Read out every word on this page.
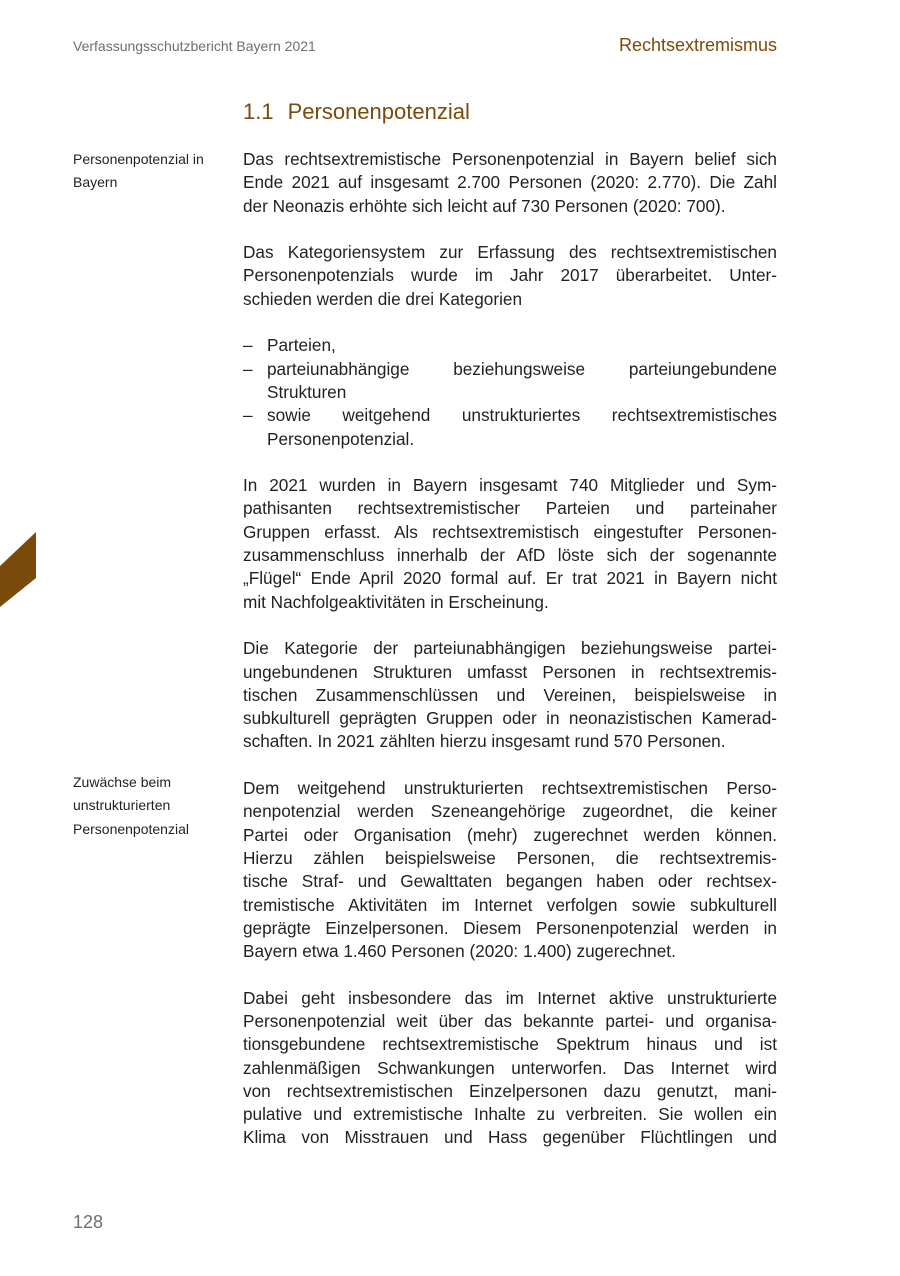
Verfassungsschutzbericht Bayern 2021	Rechtsextremismus
1.1 Personenpotenzial
Personenpotenzial in
Bayern
Zuwächse beim
unstrukturierten
Personenpotenzial
Das rechtsextremistische Personenpotenzial in Bayern belief sich
Ende 2021 auf insgesamt 2.700 Personen (2020: 2.770). Die Zahl
der Neonazis erhöhte sich leicht auf 730 Personen (2020: 700).
Das Kategoriensystem zur Erfassung des rechtsextremistischen
Personenpotenzials wurde im Jahr 2017 überarbeitet. Unter-
schieden werden die drei Kategorien
– Parteien,
– parteiunabhängige beziehungsweise parteiungebundene
Strukturen
– sowie weitgehend unstrukturiertes rechtsextremistisches
Personenpotenzial.
In 2021 wurden in Bayern insgesamt 740 Mitglieder und Sym-
pathisanten rechtsextremistischer Parteien und parteinaher
Gruppen erfasst. Als rechtsextremistisch eingestufter Personen-
zusammenschluss innerhalb der AfD löste sich der sogenannte
„Flügel“ Ende April 2020 formal auf. Er trat 2021 in Bayern nicht
mit Nachfolgeaktivitäten in Erscheinung.
Die Kategorie der parteiunabhängigen beziehungsweise partei-
ungebundenen Strukturen umfasst Personen in rechtsextremis-
tischen Zusammenschlüssen und Vereinen, beispielsweise in
subkulturell geprägten Gruppen oder in neonazistischen Kamerad-
schaften. In 2021 zählten hierzu insgesamt rund 570 Personen.
Dem weitgehend unstrukturierten rechtsextremistischen Perso-
nenpotenzial werden Szeneangehörige zugeordnet, die keiner
Partei oder Organisation (mehr) zugerechnet werden können.
Hierzu zählen beispielsweise Personen, die rechtsextremis-
tische Straf- und Gewalttaten begangen haben oder rechtsex-
tremistische Aktivitäten im Internet verfolgen sowie subkulturell
geprägte Einzelpersonen. Diesem Personenpotenzial werden in
Bayern etwa 1.460 Personen (2020: 1.400) zugerechnet.
Dabei geht insbesondere das im Internet aktive unstrukturierte
Personenpotenzial weit über das bekannte partei- und organisa-
tionsgebundene rechtsextremistische Spektrum hinaus und ist
zahlenmäßigen Schwankungen unterworfen. Das Internet wird
von rechtsextremistischen Einzelpersonen dazu genutzt, mani-
pulative und extremistische Inhalte zu verbreiten. Sie wollen ein
Klima von Misstrauen und Hass gegenüber Flüchtlingen und
128
